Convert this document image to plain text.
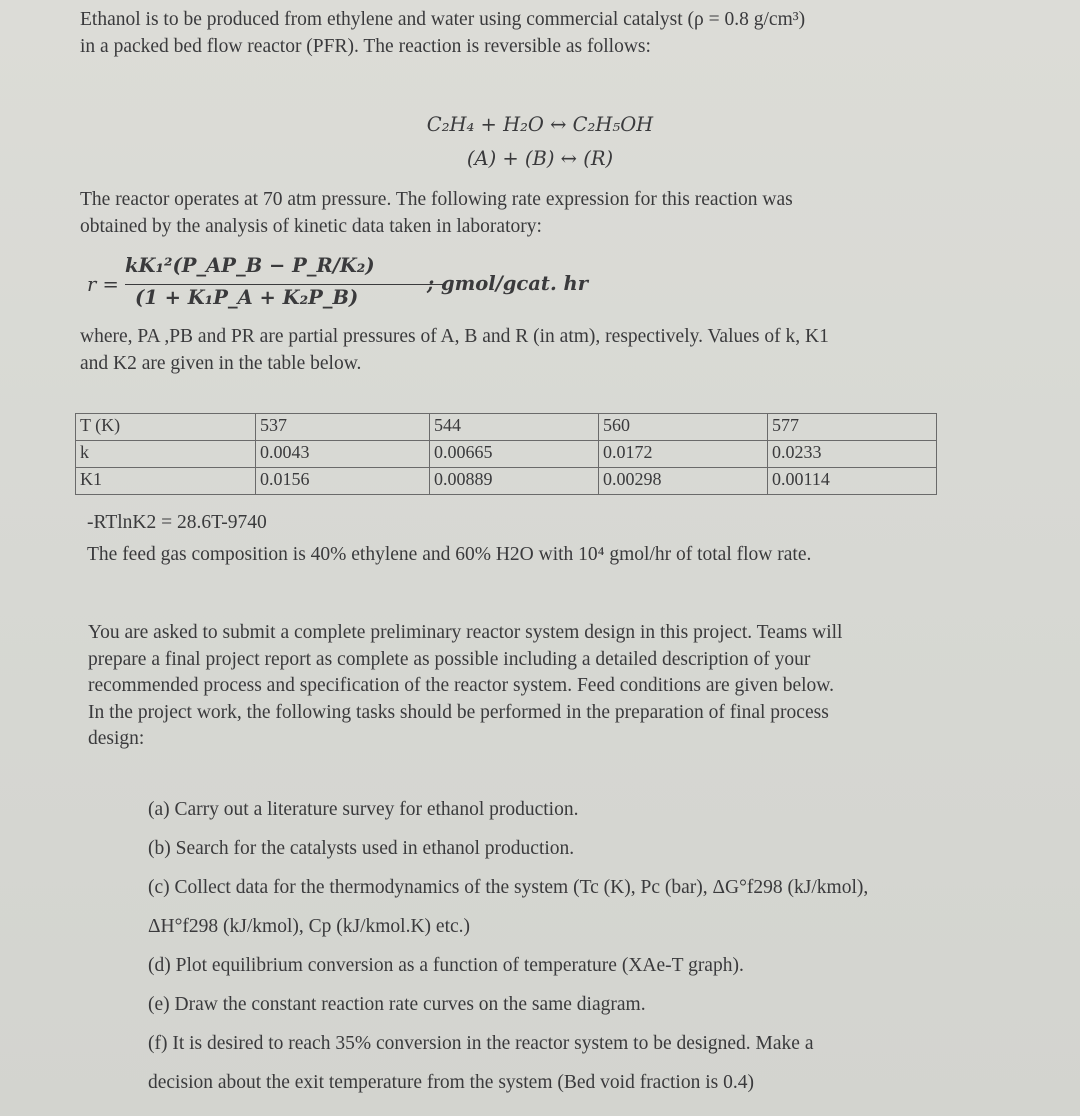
Ethanol is to be produced from ethylene and water using commercial catalyst (ρ = 0.8 g/cm³)
in a packed bed flow reactor (PFR). The reaction is reversible as follows:
C₂H₄ + H₂O ↔ C₂H₅OH
(A) + (B) ↔ (R)
The reactor operates at 70 atm pressure. The following rate expression for this reaction was
obtained by the analysis of kinetic data taken in laboratory:
r =
kK₁²(P_AP_B − P_R/K₂)
(1 + K₁P_A + K₂P_B)
; gmol/gcat. hr
where, PA ,PB and PR are partial pressures of A, B and R (in atm), respectively. Values of k, K1
and K2 are given in the table below.
T (K)	537	544	560	577
k	0.0043	0.00665	0.0172	0.0233
K1	0.0156	0.00889	0.00298	0.00114
-RTlnK2 = 28.6T-9740
The feed gas composition is 40% ethylene and 60% H2O with 10⁴ gmol/hr of total flow rate.
You are asked to submit a complete preliminary reactor system design in this project. Teams will
prepare a final project report as complete as possible including a detailed description of your
recommended process and specification of the reactor system. Feed conditions are given below.
In the project work, the following tasks should be performed in the preparation of final process
design:
(a) Carry out a literature survey for ethanol production.
(b) Search for the catalysts used in ethanol production.
(c) Collect data for the thermodynamics of the system (Tc (K), Pc (bar), ΔG°f298 (kJ/kmol),
ΔH°f298 (kJ/kmol), Cp (kJ/kmol.K) etc.)
(d) Plot equilibrium conversion as a function of temperature (XAe-T graph).
(e) Draw the constant reaction rate curves on the same diagram.
(f) It is desired to reach 35% conversion in the reactor system to be designed. Make a
decision about the exit temperature from the system (Bed void fraction is 0.4)
